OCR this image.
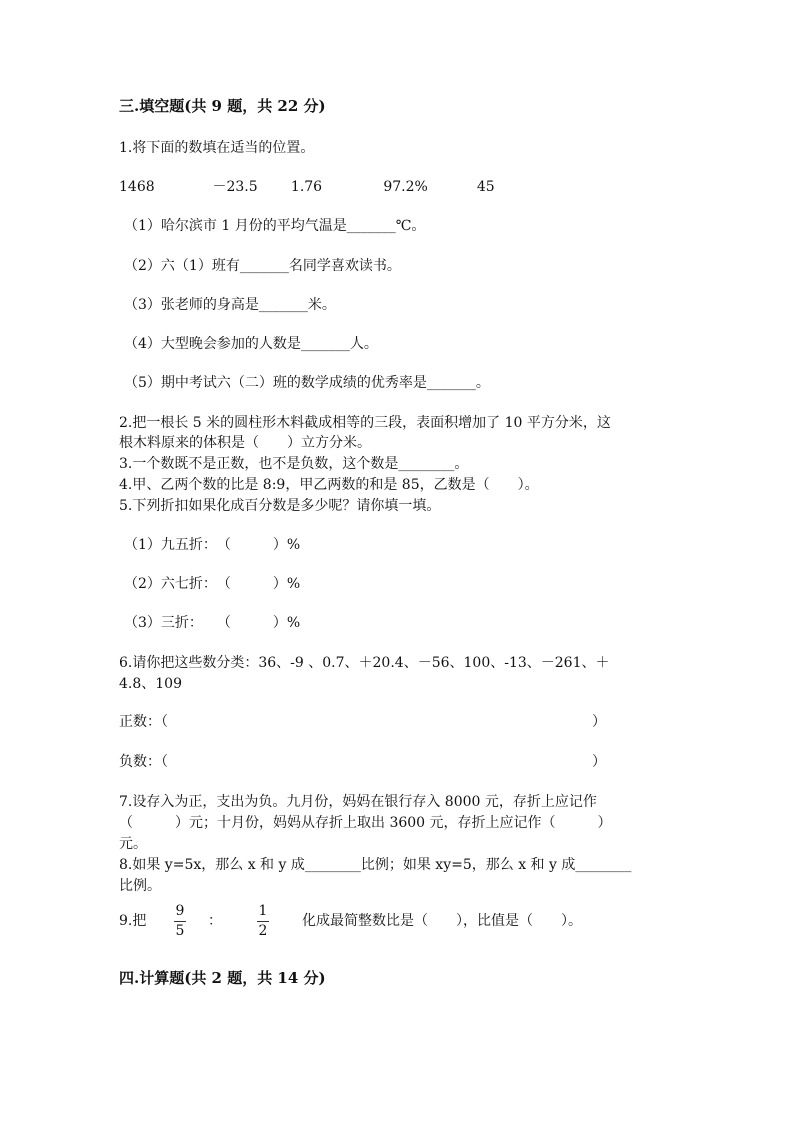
三.填空题(共 9 题，共 22 分)
1.将下面的数填在适当的位置。
1468	－23.5 1.76	97.2%	45
（1）哈尔滨市 1 月份的平均气温是_______℃。
（2）六（1）班有_______名同学喜欢读书。
（3）张老师的身高是_______米。
（4）大型晚会参加的人数是_______人。
（5）期中考试六（二）班的数学成绩的优秀率是_______。
2.把一根长 5 米的圆柱形木料截成相等的三段，表面积增加了 10 平方分米，这
根木料原来的体积是（　　）立方分米。
3.一个数既不是正数，也不是负数，这个数是________。
4.甲、乙两个数的比是 8:9，甲乙两数的和是 85，乙数是（　　）。
5.下列折扣如果化成百分数是多少呢？请你填一填。
（1）九五折：　（　　　）%
（2）六七折：　（　　　）%
（3）三折：　　（　　　）%
6.请你把这些数分类：36、-9 、0.7、＋20.4、－56、100、-13、－261、＋
4.8、109
正数：（	）
负数：（	）
7.设存入为正，支出为负。九月份，妈妈在银行存入 8000 元，存折上应记作
（　　　）元；十月份，妈妈从存折上取出 3600 元，存折上应记作（　　　）
元。
8.如果 y=5x，那么 x 和 y 成________比例；如果 xy=5，那么 x 和 y 成________
比例。
9.把
9
5
：
1
2
化成最简整数比是（　　），比值是（　　）。
四.计算题(共 2 题，共 14 分)
